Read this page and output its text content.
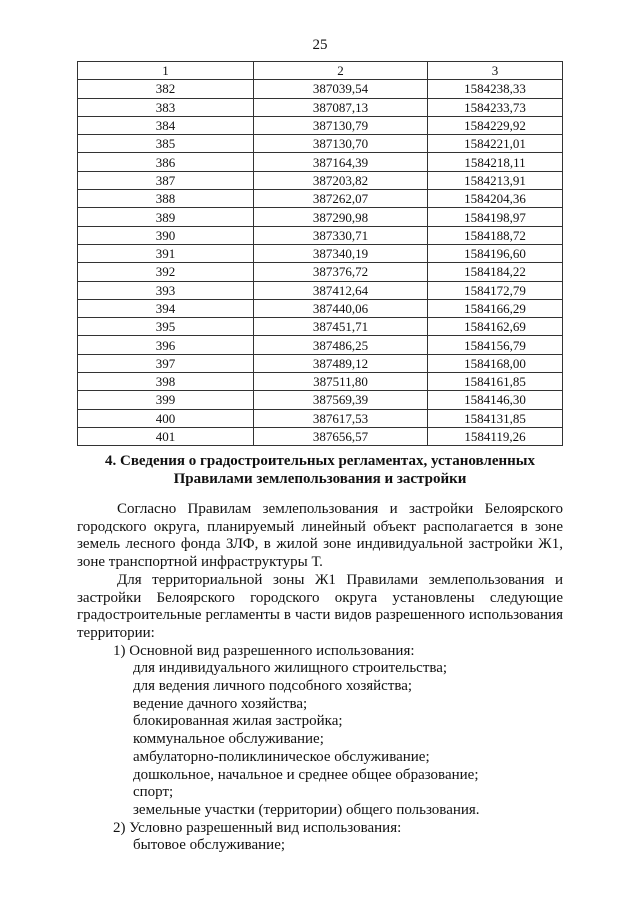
25
1	2	3
382	387039,54	1584238,33
383	387087,13	1584233,73
384	387130,79	1584229,92
385	387130,70	1584221,01
386	387164,39	1584218,11
387	387203,82	1584213,91
388	387262,07	1584204,36
389	387290,98	1584198,97
390	387330,71	1584188,72
391	387340,19	1584196,60
392	387376,72	1584184,22
393	387412,64	1584172,79
394	387440,06	1584166,29
395	387451,71	1584162,69
396	387486,25	1584156,79
397	387489,12	1584168,00
398	387511,80	1584161,85
399	387569,39	1584146,30
400	387617,53	1584131,85
401	387656,57	1584119,26
4. Сведения о градостроительных регламентах, установленных
Правилами землепользования и застройки

Согласно Правилам землепользования и застройки Белоярского городского округа, планируемый линейный объект располагается в зоне земель лесного фонда ЗЛФ, в жилой зоне индивидуальной застройки Ж1, зоне транспортной инфраструктуры Т.

Для территориальной зоны Ж1 Правилами землепользования и застройки Белоярского городского округа установлены следующие градостроительные регламенты в части видов разрешенного использования территории:

1) Основной вид разрешенного использования:

для индивидуального жилищного строительства;

для ведения личного подсобного хозяйства;

ведение дачного хозяйства;

блокированная жилая застройка;

коммунальное обслуживание;

амбулаторно-поликлиническое обслуживание;

дошкольное, начальное и среднее общее образование;

спорт;

земельные участки (территории) общего пользования.

2) Условно разрешенный вид использования:

бытовое обслуживание;
